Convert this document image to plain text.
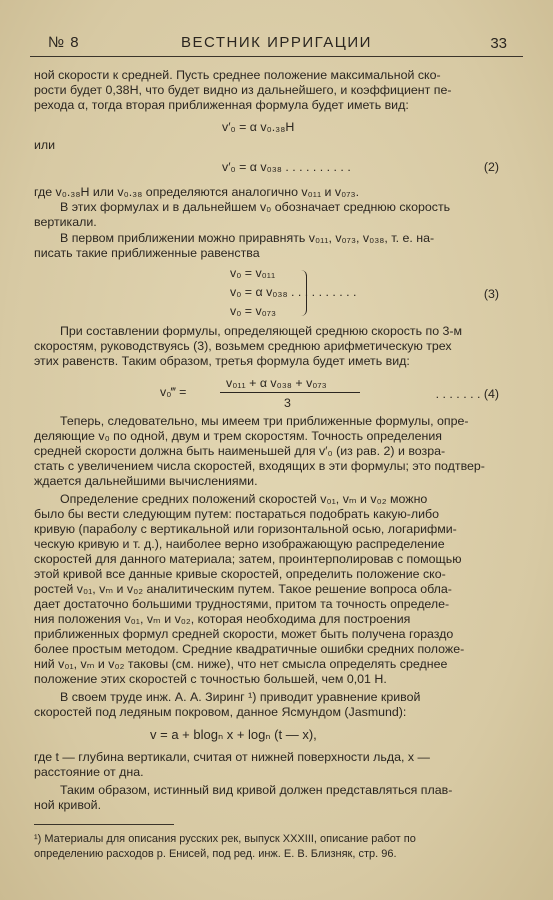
№ 8	ВЕСТНИК ИРРИГАЦИИ	33
ной скорости к средней. Пусть среднее положение максимальной ско-
рости будет 0,38Н, что будет видно из дальнейшего, и коэффициент пе-
рехода α, тогда вторая приближенная формула будет иметь вид:
v′₀ = α v₀.₃₈Н
или
v′₀ = α v₀₃₈ . . . . . . . . . .	(2)
где v₀.₃₈Н или v₀.₃₈ определяются аналогично v₀₁₁ и v₀₇₃.
В этих формулах и в дальнейшем v₀ обозначает среднюю скорость
вертикали.
В первом приближении можно приравнять v₀₁₁, v₀₇₃, v₀₃₈, т. е. на-
писать такие приближенные равенства
v₀ = v₀₁₁
v₀ = α v₀₃₈ . . . . . . . . . .
v₀ = v₀₇₃
(3)
При составлении формулы, определяющей среднюю скорость по 3-м
скоростям, руководствуясь (3), возьмем среднюю арифметическую трех
этих равенств. Таким образом, третья формула будет иметь вид:
v₀₁₁ + α v₀₃₈ + v₀₇₃
v₀‴ =
3
. . . . . . . (4)
Теперь, следовательно, мы имеем три приближенные формулы, опре-
деляющие v₀ по одной, двум и трем скоростям. Точность определения
средней скорости должна быть наименьшей для v′₀ (из рав. 2) и возра-
стать с увеличением числа скоростей, входящих в эти формулы; это подтвер-
ждается дальнейшими вычислениями.
Определение средних положений скоростей v₀₁, vₘ и v₀₂ можно
было бы вести следующим путем: постараться подобрать какую-либо
кривую (параболу с вертикальной или горизонтальной осью, логарифми-
ческую кривую и т. д.), наиболее верно изображающую распределение
скоростей для данного материала; затем, проинтерполировав с помощью
этой кривой все данные кривые скоростей, определить положение ско-
ростей v₀₁, vₘ и v₀₂ аналитическим путем. Такое решение вопроса обла-
дает достаточно большими трудностями, притом та точность определе-
ния положения v₀₁, vₘ и v₀₂, которая необходима для построения
приближенных формул средней скорости, может быть получена гораздо
более простым методом. Средние квадратичные ошибки средних положе-
ний v₀₁, vₘ и v₀₂ таковы (см. ниже), что нет смысла определять среднее
положение этих скоростей с точностью большей, чем 0,01 Н.
В своем труде инж. А. А. Зиринг ¹) приводит уравнение кривой
скоростей под ледяным покровом, данное Ясмундом (Jasmund):
v = a + blogₙ x + logₙ (t — x),
где t — глубина вертикали, считая от нижней поверхности льда, x —
расстояние от дна.
Таким образом, истинный вид кривой должен представляться плав-
ной кривой.
¹) Материалы для описания русских рек, выпуск XXXIII, описание работ по
определению расходов р. Енисей, под ред. инж. Е. В. Близняк, стр. 96.
